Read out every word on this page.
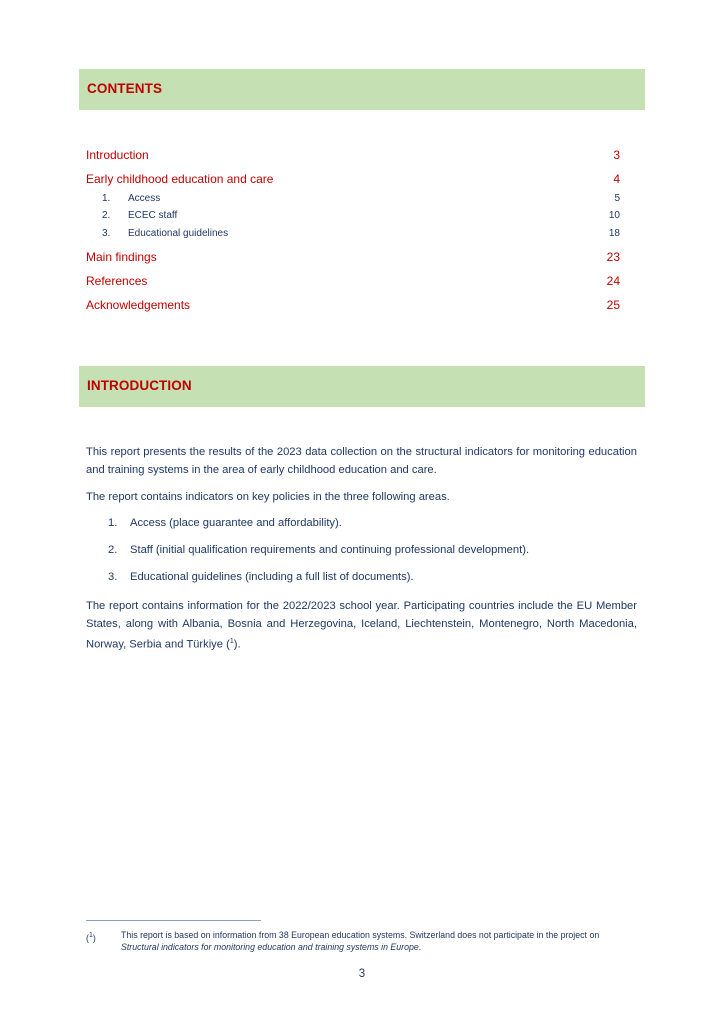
CONTENTS
Introduction	3
Early childhood education and care	4
1.	Access	5
2.	ECEC staff	10
3.	Educational guidelines	18
Main findings	23
References	24
Acknowledgements	25
INTRODUCTION

This report presents the results of the 2023 data collection on the structural indicators for monitoring education and training systems in the area of early childhood education and care.

The report contains indicators on key policies in the three following areas.

1.	Access (place guarantee and affordability).
2.	Staff (initial qualification requirements and continuing professional development).
3.	Educational guidelines (including a full list of documents).

The report contains information for the 2022/2023 school year. Participating countries include the EU Member States, along with Albania, Bosnia and Herzegovina, Iceland, Liechtenstein, Montenegro, North Macedonia, Norway, Serbia and Türkiye ($^1$).

($^1$)	This report is based on information from 38 European education systems. Switzerland does not participate in the project on Structural indicators for monitoring education and training systems in Europe.
3
